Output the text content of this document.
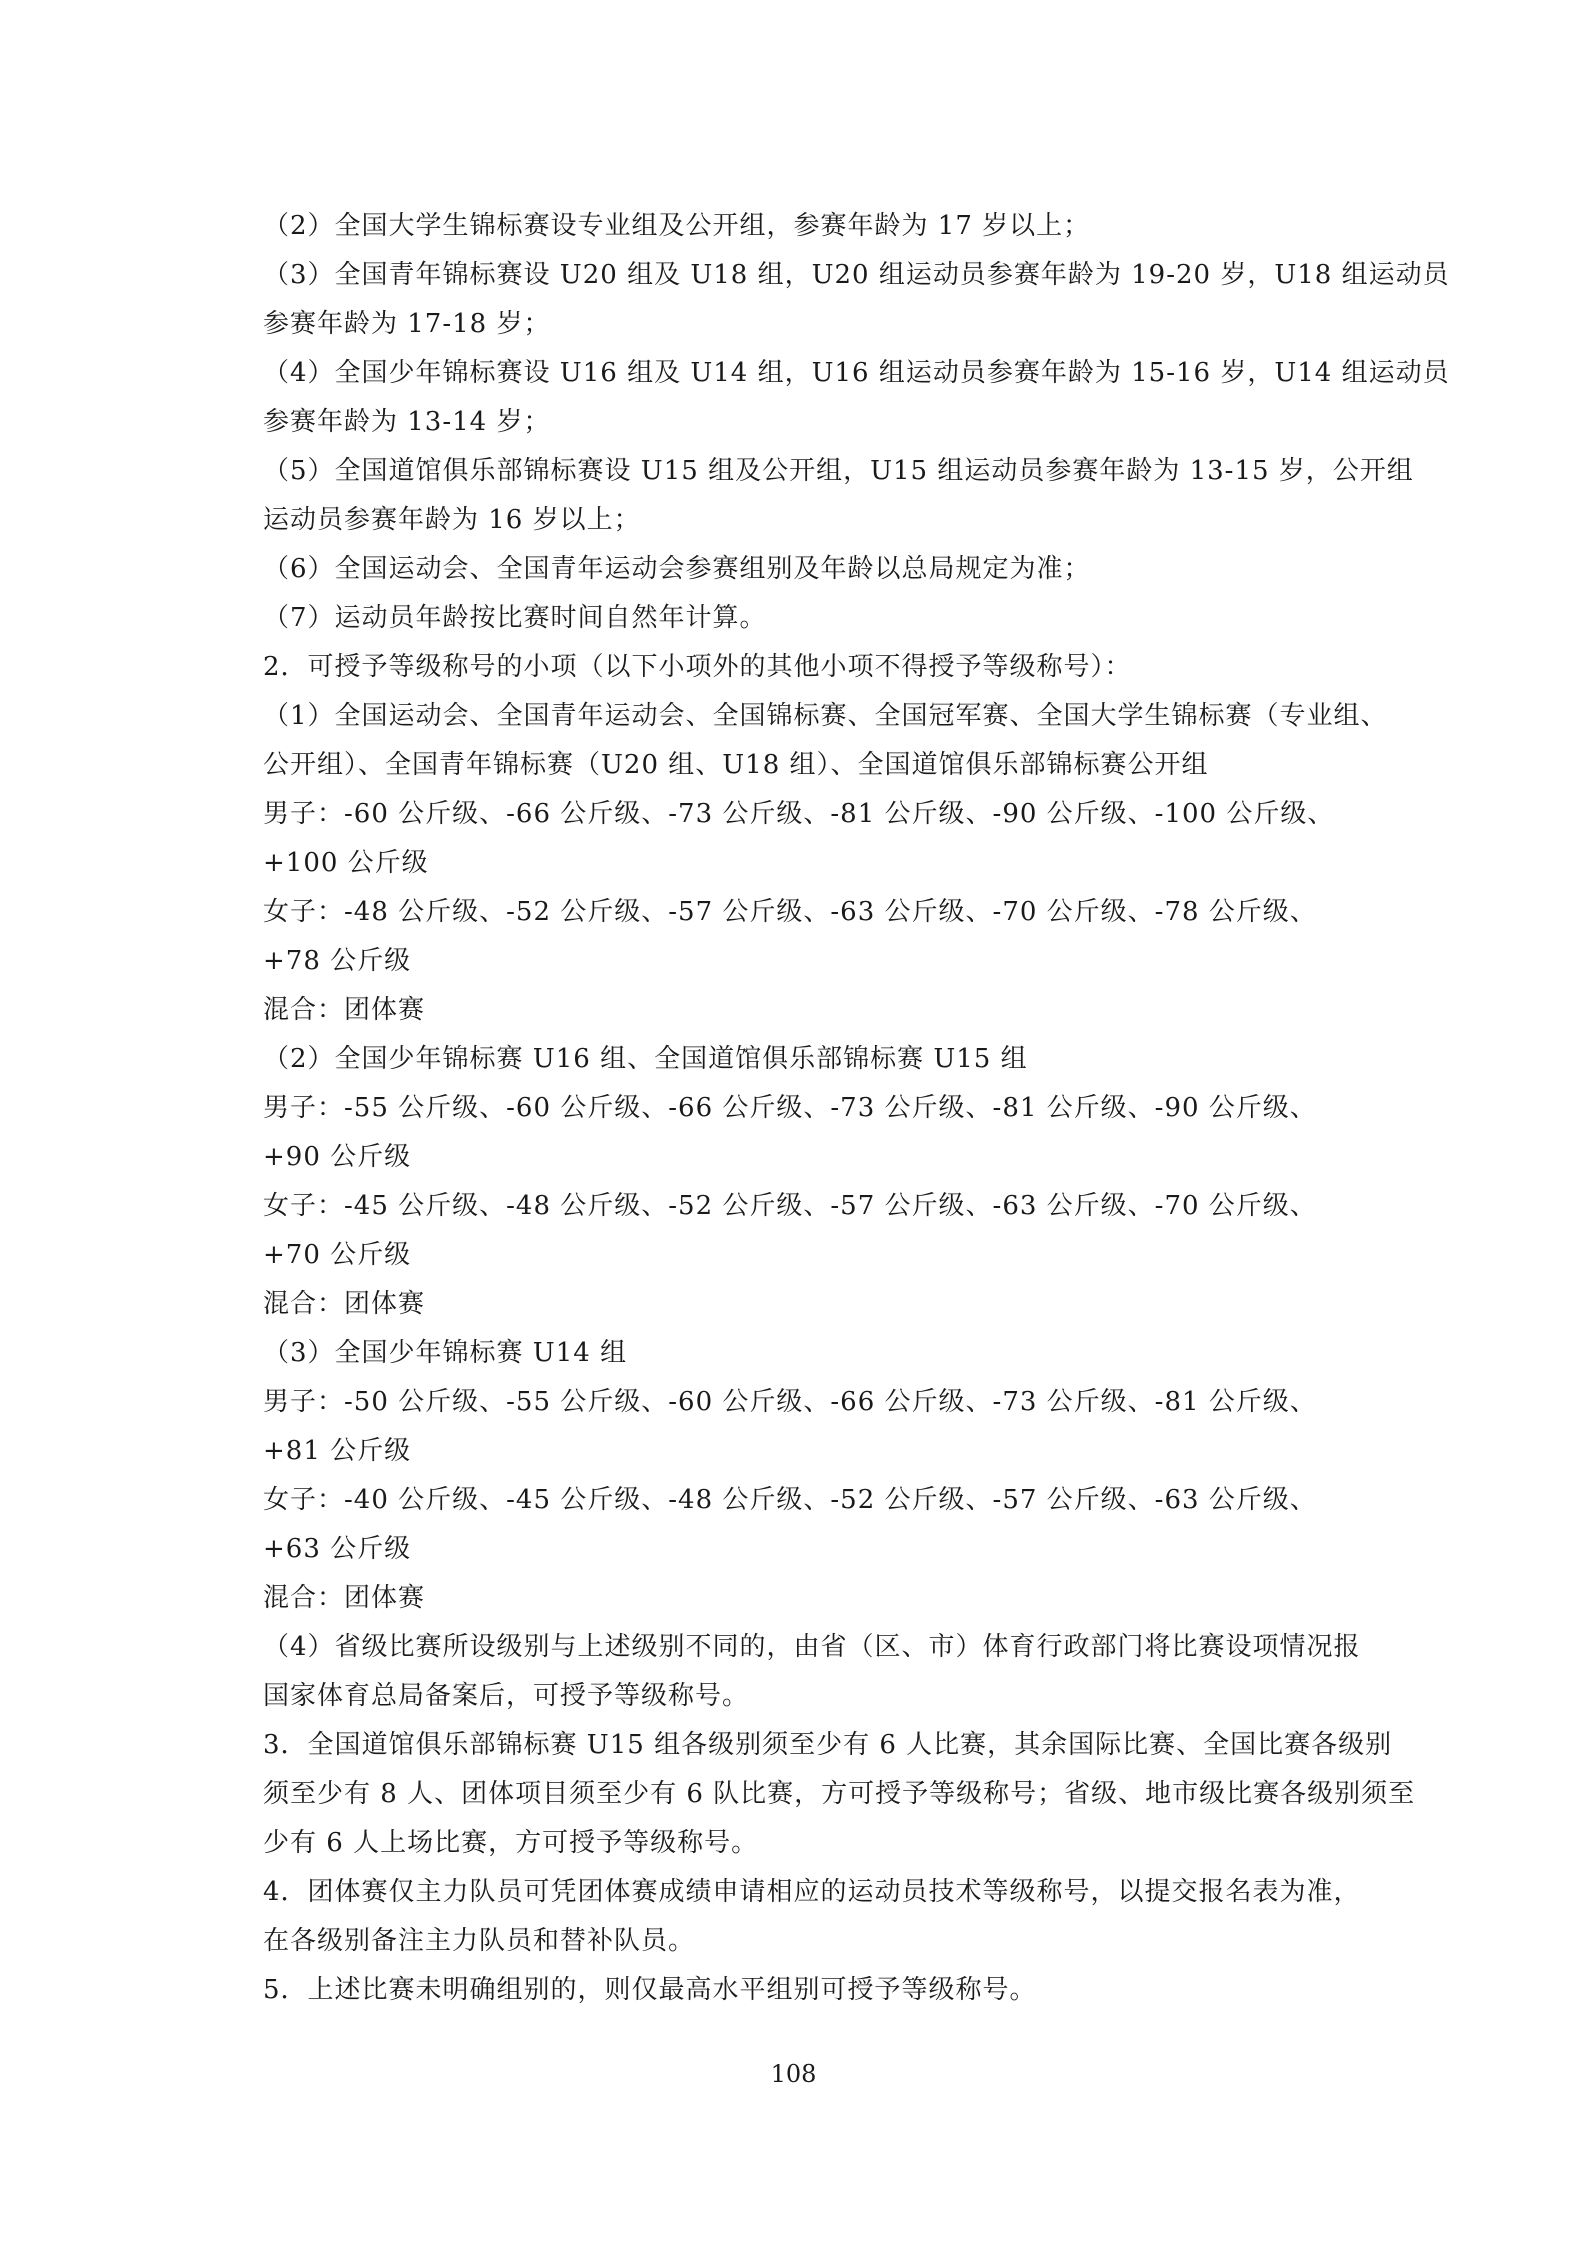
（2）全国大学生锦标赛设专业组及公开组，参赛年龄为 17 岁以上；
（3）全国青年锦标赛设 U20 组及 U18 组，U20 组运动员参赛年龄为 19-20 岁，U18 组运动员
参赛年龄为 17-18 岁；
（4）全国少年锦标赛设 U16 组及 U14 组，U16 组运动员参赛年龄为 15-16 岁，U14 组运动员
参赛年龄为 13-14 岁；
（5）全国道馆俱乐部锦标赛设 U15 组及公开组，U15 组运动员参赛年龄为 13-15 岁，公开组
运动员参赛年龄为 16 岁以上；
（6）全国运动会、全国青年运动会参赛组别及年龄以总局规定为准；
（7）运动员年龄按比赛时间自然年计算。
2．可授予等级称号的小项（以下小项外的其他小项不得授予等级称号）：
（1）全国运动会、全国青年运动会、全国锦标赛、全国冠军赛、全国大学生锦标赛（专业组、
公开组）、全国青年锦标赛（U20 组、U18 组）、全国道馆俱乐部锦标赛公开组
男子：-60 公斤级、-66 公斤级、-73 公斤级、-81 公斤级、-90 公斤级、-100 公斤级、
+100 公斤级
女子：-48 公斤级、-52 公斤级、-57 公斤级、-63 公斤级、-70 公斤级、-78 公斤级、
+78 公斤级
混合：团体赛
（2）全国少年锦标赛 U16 组、全国道馆俱乐部锦标赛 U15 组
男子：-55 公斤级、-60 公斤级、-66 公斤级、-73 公斤级、-81 公斤级、-90 公斤级、
+90 公斤级
女子：-45 公斤级、-48 公斤级、-52 公斤级、-57 公斤级、-63 公斤级、-70 公斤级、
+70 公斤级
混合：团体赛
（3）全国少年锦标赛 U14 组
男子：-50 公斤级、-55 公斤级、-60 公斤级、-66 公斤级、-73 公斤级、-81 公斤级、
+81 公斤级
女子：-40 公斤级、-45 公斤级、-48 公斤级、-52 公斤级、-57 公斤级、-63 公斤级、
+63 公斤级
混合：团体赛
（4）省级比赛所设级别与上述级别不同的，由省（区、市）体育行政部门将比赛设项情况报
国家体育总局备案后，可授予等级称号。
3．全国道馆俱乐部锦标赛 U15 组各级别须至少有 6 人比赛，其余国际比赛、全国比赛各级别
须至少有 8 人、团体项目须至少有 6 队比赛，方可授予等级称号；省级、地市级比赛各级别须至
少有 6 人上场比赛，方可授予等级称号。
4．团体赛仅主力队员可凭团体赛成绩申请相应的运动员技术等级称号，以提交报名表为准，
在各级别备注主力队员和替补队员。
5．上述比赛未明确组别的，则仅最高水平组别可授予等级称号。
108
